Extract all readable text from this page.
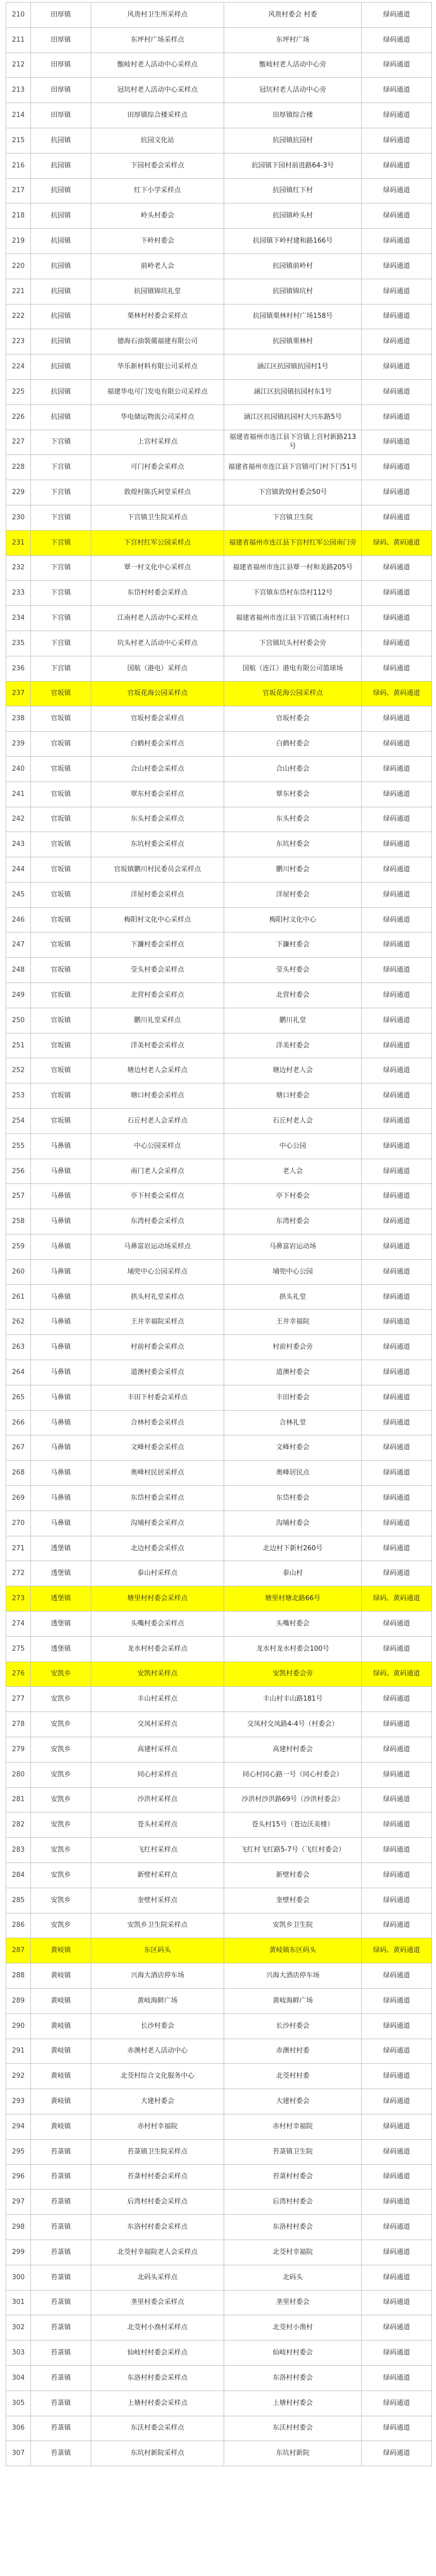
210	田厚镇	风贵村卫生所采样点	风贵村委会 村委	绿码通道
211	田厚镇	东坪村广场采样点	东坪村广场	绿码通道
212	田厚镇	甑岐村老人活动中心采样点	甑岐村老人活动中心旁	绿码通道
213	田厚镇	冠坑村老人活动中心采样点	冠坑村老人活动中心旁	绿码通道
214	田厚镇	田厚镇综合楼采样点	田厚镇综合楼	绿码通道
215	抗园镇	抗园文化站	抗园镇抗园村	绿码通道
216	抗园镇	下园村委会采样点	抗园镇下园村前进路64-3号	绿码通道
217	抗园镇	红下小学采样点	抗园镇红下村	绿码通道
218	抗园镇	岭头村委会	抗园镇岭头村	绿码通道
219	抗园镇	下岭村委会	抗园镇下岭村建和路166号	绿码通道
220	抗园镇	前岭老人会	抗园镇前岭村	绿码通道
221	抗园镇	抗园镇锦坑礼堂	抗园镇锦坑村	绿码通道
222	抗园镇	栗林村村委会采样点	抗园镇栗林村村广场158号	绿码通道
223	抗园镇	德海石油裝備福建有限公司	抗园镇栗林村	绿码通道
224	抗园镇	华乐新材料有限公司采样点	涵江区抗园镇抗园村1号	绿码通道
225	抗园镇	福建华电可门发电有限公司采样点	涵江区抗园镇抗园村东1号	绿码通道
226	抗园镇	华电储运物流公司采样点	涵江区抗园镇抗园村大兴东路5号	绿码通道
227	下宫镇	上宫村采样点	福建省福州市连江县下宫镇上宫村新路213号	绿码通道
228	下宫镇	可门村委会采样点	福建省福州市连江县下宫镇可门村下门51号	绿码通道
229	下宫镇	敦煌村陈氏祠堂采样点	下宫镇敦煌村委会50号	绿码通道
230	下宫镇	下宫镇卫生院采样点	下宫镇卫生院	绿码通道
231	下宫镇	下宫村红军公园采样点	福建省福州市连江县下宫村红军公园南门旁	绿码、黄码通道
232	下宫镇	覃一村文化中心采样点	福建省福州市连江县覃一村和美路205号	绿码通道
233	下宫镇	东岱村村委会采样点	下宫镇东岱村东岱村112号	绿码通道
234	下宫镇	江南村老人活动中心采样点	福建省福州市连江县下宫镇江南村村口	绿码通道
235	下宫镇	坑头村老人活动中心采样点	下宫镇坑头村村委会旁	绿码通道
236	下宫镇	国航（港电）采样点	国航（连江）港电有限公司篮球场	绿码通道
237	官坂镇	官坂花海公园采样点	官坂花海公园采样点	绿码、黄码通道
238	官坂镇	官坂村委会采样点	官坂村委会	绿码通道
239	官坂镇	白鹤村委会采样点	白鹤村委会	绿码通道
240	官坂镇	合山村委会采样点	合山村委会	绿码通道
241	官坂镇	覃东村委会采样点	覃东村委会	绿码通道
242	官坂镇	东头村委会采样点	东头村委会	绿码通道
243	官坂镇	东坑村委会采样点	东坑村委会	绿码通道
244	官坂镇	官坂镇鹏川村民委员会采样点	鹏川村委会	绿码通道
245	官坂镇	洋屋村委会采样点	洋屋村委会	绿码通道
246	官坂镇	梅阳村文化中心采样点	梅阳村文化中心	绿码通道
247	官坂镇	下濂村委会采样点	下濂村委会	绿码通道
248	官坂镇	莹头村委会采样点	莹头村委会	绿码通道
249	官坂镇	北营村委会采样点	北营村委会	绿码通道
250	官坂镇	鹏川礼堂采样点	鹏川礼堂	绿码通道
251	官坂镇	洋美村委会采样点	洋美村委会	绿码通道
252	官坂镇	塘边村老人会采样点	塘边村老人会	绿码通道
253	官坂镇	塘口村委会采样点	塘口村委会	绿码通道
254	官坂镇	石丘村老人会采样点	石丘村老人会	绿码通道
255	马鼻镇	中心公园采样点	中心公园	绿码通道
256	马鼻镇	南门老人会采样点	老人会	绿码通道
257	马鼻镇	亭下村委会采样点	亭下村委会	绿码通道
258	马鼻镇	东湾村委会采样点	东湾村委会	绿码通道
259	马鼻镇	马鼻富岩运动场采样点	马鼻富岩运动场	绿码通道
260	马鼻镇	埔兜中心公园采样点	埔兜中心公园	绿码通道
261	马鼻镇	拱头村礼堂采样点	拱头礼堂	绿码通道
262	马鼻镇	王井幸福院采样点	王井幸福院	绿码通道
263	马鼻镇	村前村委会采样点	村前村委会旁	绿码通道
264	马鼻镇	道澳村委会采样点	道澳村委会	绿码通道
265	马鼻镇	丰田下村委会采样点	丰田村委会	绿码通道
266	马鼻镇	合林村委会采样点	合林礼堂	绿码通道
267	马鼻镇	文峰村委会采样点	文峰村委会	绿码通道
268	马鼻镇	奥峰村民居采样点	奥峰居民点	绿码通道
269	马鼻镇	东岱村委会采样点	东岱村委会	绿码通道
270	马鼻镇	沟埔村委会采样点	沟埔村委会	绿码通道
271	透堡镇	北边村委会采样点	北边村下新村260号	绿码通道
272	透堡镇	泰山村采样点	泰山村	绿码通道
273	透堡镇	塘里村村委会采样点	塘里村塘北路66号	绿码、黄码通道
274	透堡镇	头嘴村委会采样点	头嘴村委会	绿码通道
275	透堡镇	龙水村村委会采样点	龙水村龙水村委会100号	绿码通道
276	安凯乡	安凯村采样点	安凯村委会旁	绿码、黄码通道
277	安凯乡	丰山村采样点	丰山村丰山路181号	绿码通道
278	安凯乡	交凤村采样点	交凤村交凤路4-4号（村委会）	绿码通道
279	安凯乡	高建村采样点	高建村村委会	绿码通道
280	安凯乡	同心村采样点	同心村同心路一号（同心村委会）	绿码通道
281	安凯乡	沙洪村采样点	沙洪村沙洪路69号（沙洪村委会）	绿码通道
282	安凯乡	苍头村采样点	苍头村15号（苍边沃美楼）	绿码通道
283	安凯乡	飞红村采样点	飞红村飞红路5-7号（飞红村委会）	绿码通道
284	安凯乡	新壁村采样点	新壁村委会	绿码通道
285	安凯乡	奎壁村采样点	奎壁村委会	绿码通道
286	安凯乡	安凯乡卫生院采样点	安凯乡卫生院	绿码通道
287	黄岐镇	东区码头	黄岐镇东区码头	绿码、黄码通道
288	黄岐镇	兴海大酒店停车场	兴海大酒店停车场	绿码通道
289	黄岐镇	黄岐海鲜广场	黄岐海鲜广场	绿码通道
290	黄岐镇	长沙村委会	长沙村委会	绿码通道
291	黄岐镇	赤澳村老人活动中心	赤澳村村委	绿码通道
292	黄岐镇	北茭村综合文化服务中心	北茭村村委	绿码通道
293	黄岐镇	大建村委会	大建村委会	绿码通道
294	黄岐镇	赤村村幸福院	赤村村幸福院	绿码通道
295	苔菉镇	苔菉镇卫生院采样点	苔菉镇卫生院	绿码通道
296	苔菉镇	苔菉村村委会采样点	苔菉村村委会	绿码通道
297	苔菉镇	后湾村村委会采样点	后湾村村委会	绿码通道
298	苔菉镇	东洛村村委会采样点	东洛村村委会	绿码通道
299	苔菉镇	北茭村幸福院老人会采样点	北茭村幸福院	绿码通道
300	苔菉镇	北码头采样点	北码头	绿码通道
301	苔菉镇	垄里村委会采样点	垄里村委会	绿码通道
302	苔菉镇	北茭村小渔村采样点	北茭村小渔村	绿码通道
303	苔菉镇	仙岐村村委会采样点	仙岐村村委会	绿码通道
304	苔菉镇	东洛村村委会采样点	东洛村村委会	绿码通道
305	苔菉镇	上塘村村委会采样点	上塘村村委会	绿码通道
306	苔菉镇	东沃村委会采样点	东沃村村委会	绿码通道
307	苔菉镇	东坑村新院采样点	东坑村新院	绿码通道
